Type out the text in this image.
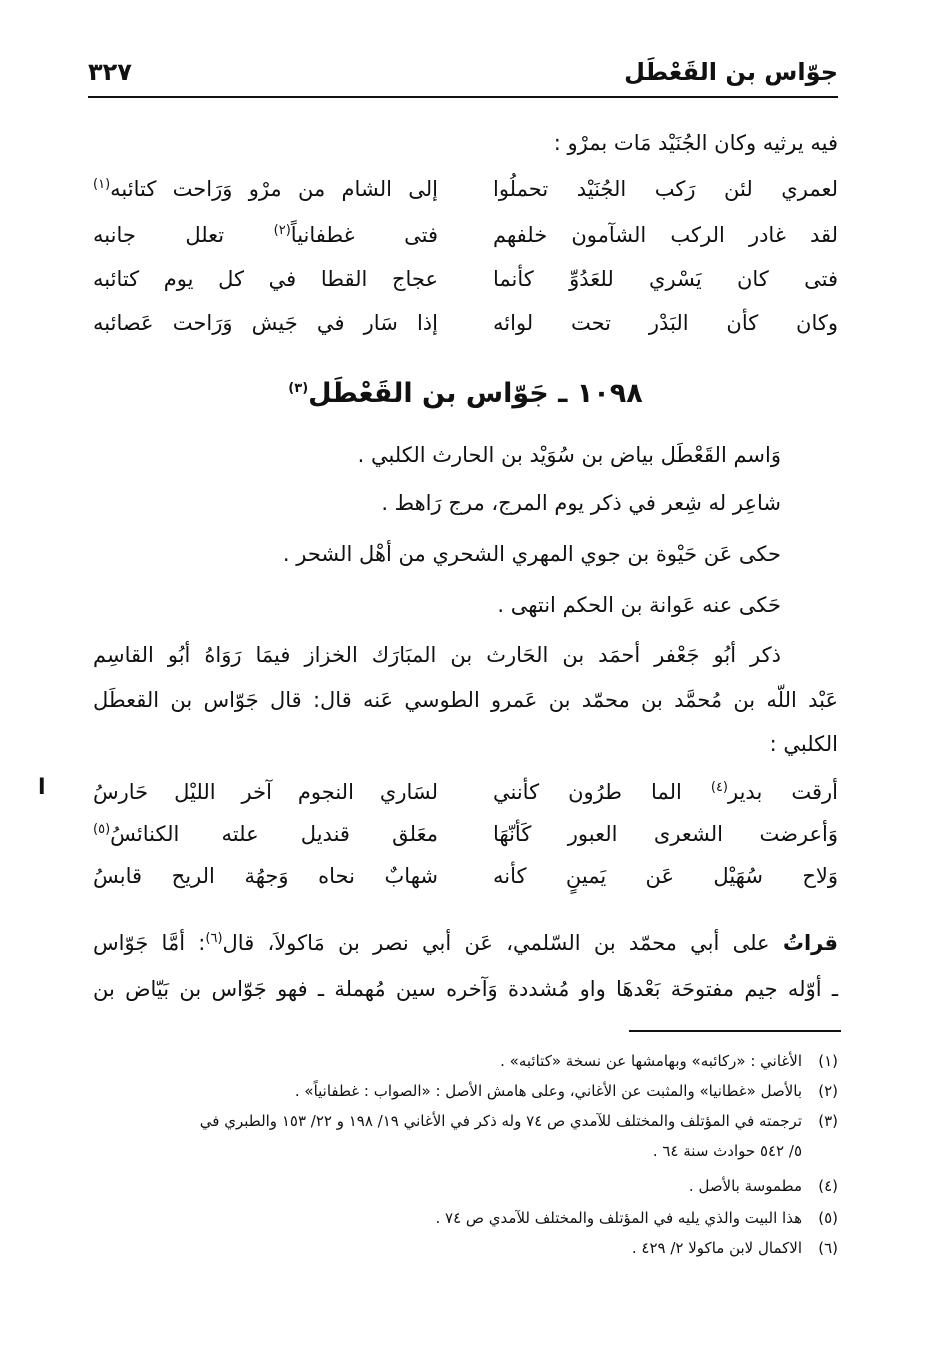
جوّاس بن القَعْطَل
٣٢٧
فيه يرثيه وكان الجُنَيْد مَات بمرْو :
لعمري لئن رَكب الجُنَيْد تحملُوا
إلى الشام من مرْو وَرَاحت كتائبه$^{(١)}$
لقد غادر الركب الشآمون خلفهم
فتى غطفانياً$^{(٢)}$ تعلل جانبه
فتى كان يَسْري للعَدُوِّ كأنما
عجاج القطا في كل يوم كتائبه
وكان كأن البَدْر تحت لوائه
إذا سَار في جَيش وَرَاحت عَصائبه
١٠٩٨ ـ جَوّاس بن القَعْطَل$^{(٣)}$
وَاسم القَعْطَل بياض بن سُوَيْد بن الحارث الكلبي .
شاعِر له شِعر في ذكر يوم المرج، مرج رَاهط .
حكى عَن حَيْوة بن جوي المهري الشحري من أهْل الشحر .
حَكى عنه عَوانة بن الحكم انتهى .
ذكر أبُو جَعْفر أحمَد بن الحَارث بن المبَارَك الخزاز فيمَا رَوَاهُ أبُو القاسِم
عَبْد اللّه بن مُحمَّد بن محمّد بن عَمرو الطوسي عَنه قال: قال جَوّاس بن القعطَل
الكلبي :
أرقت بدير$^{(٤)}$ الما طرُون كأنني
لسَاري النجوم آخر الليْل حَارسُ
وَأعرضت الشعرى العبور كَأنّهَا
معَلق قنديل علته الكنائسُ$^{(٥)}$
وَلاح سُهَيْل عَن يَمينٍ كأنه
شهابٌ نحاه وَجهُة الريح قابسُ
ا
قراتُ على أبي محمّد بن السّلمي، عَن أبي نصر بن مَاكولاَ، قال$^{(٦)}$: أمَّا جَوّاس
ـ أوّله جيم مفتوحَة بَعْدهَا واو مُشددة وَآخره سين مُهملة ـ فهو جَوّاس بن بَيّاض بن
(١)الأغاني : «ركائبه» وبهامشها عن نسخة «كتائبه» .
(٢)بالأصل «غطانيا» والمثبت عن الأغاني، وعلى هامش الأصل : «الصواب : غطفانياً» .
(٣)ترجمته في المؤتلف والمختلف للآمدي ص ٧٤ وله ذكر في الأغاني ١٩/ ١٩٨ و ٢٢/ ١٥٣ والطبري في
٥/ ٥٤٢ حوادث سنة ٦٤ .
(٤)مطموسة بالأصل .
(٥)هذا البيت والذي يليه في المؤتلف والمختلف للآمدي ص ٧٤ .
(٦)الاكمال لابن ماكولا ٢/ ٤٢٩ .
